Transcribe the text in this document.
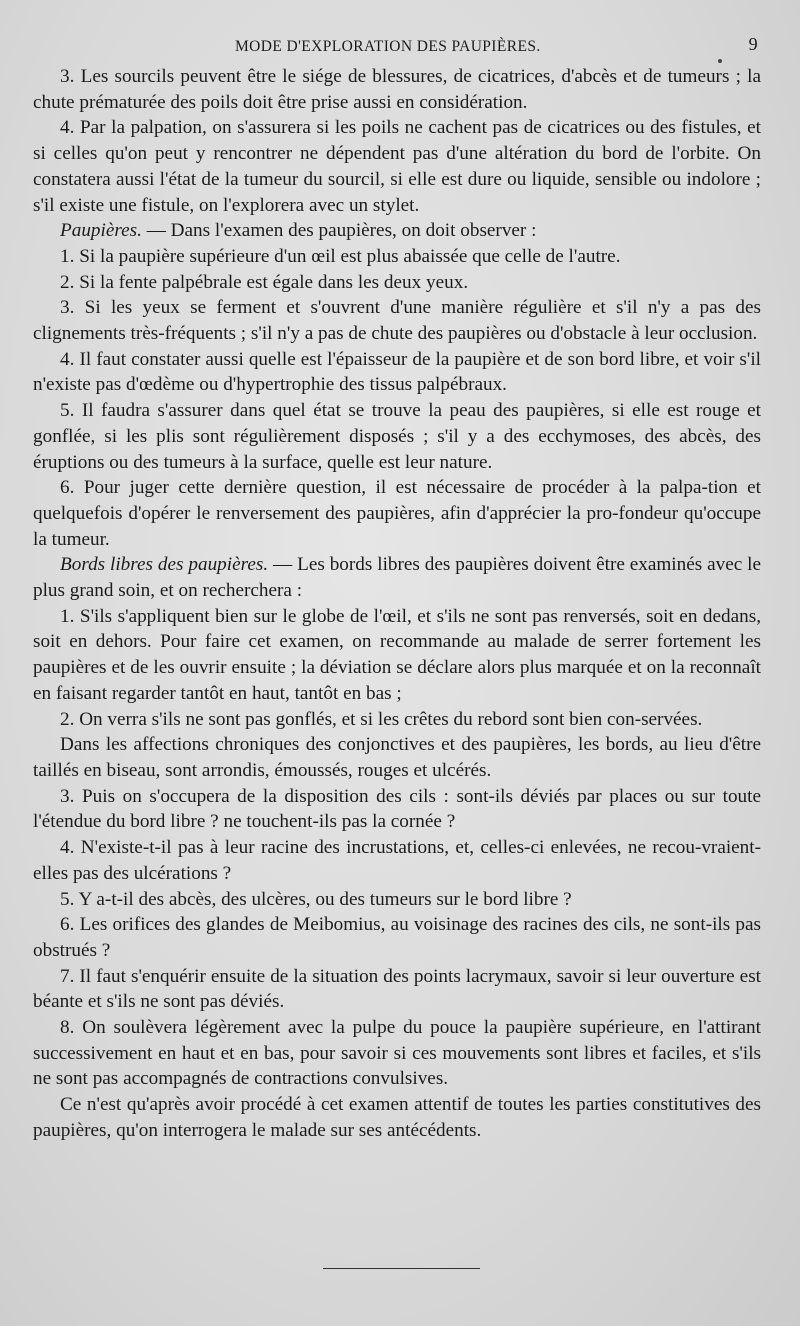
MODE D'EXPLORATION DES PAUPIÈRES.	9

3. Les sourcils peuvent être le siége de blessures, de cicatrices, d'abcès et de tumeurs ; la chute prématurée des poils doit être prise aussi en considération.

4. Par la palpation, on s'assurera si les poils ne cachent pas de cicatrices ou des fistules, et si celles qu'on peut y rencontrer ne dépendent pas d'une altération du bord de l'orbite. On constatera aussi l'état de la tumeur du sourcil, si elle est dure ou liquide, sensible ou indolore ; s'il existe une fistule, on l'explorera avec un stylet.

Paupières. — Dans l'examen des paupières, on doit observer :

1. Si la paupière supérieure d'un œil est plus abaissée que celle de l'autre.

2. Si la fente palpébrale est égale dans les deux yeux.

3. Si les yeux se ferment et s'ouvrent d'une manière régulière et s'il n'y a pas des clignements très-fréquents ; s'il n'y a pas de chute des paupières ou d'obstacle à leur occlusion.

4. Il faut constater aussi quelle est l'épaisseur de la paupière et de son bord libre, et voir s'il n'existe pas d'œdème ou d'hypertrophie des tissus palpébraux.

5. Il faudra s'assurer dans quel état se trouve la peau des paupières, si elle est rouge et gonflée, si les plis sont régulièrement disposés ; s'il y a des ecchymoses, des abcès, des éruptions ou des tumeurs à la surface, quelle est leur nature.

6. Pour juger cette dernière question, il est nécessaire de procéder à la palpa-tion et quelquefois d'opérer le renversement des paupières, afin d'apprécier la pro-fondeur qu'occupe la tumeur.

Bords libres des paupières. — Les bords libres des paupières doivent être examinés avec le plus grand soin, et on recherchera :

1. S'ils s'appliquent bien sur le globe de l'œil, et s'ils ne sont pas renversés, soit en dedans, soit en dehors. Pour faire cet examen, on recommande au malade de serrer fortement les paupières et de les ouvrir ensuite ; la déviation se déclare alors plus marquée et on la reconnaît en faisant regarder tantôt en haut, tantôt en bas ;

2. On verra s'ils ne sont pas gonflés, et si les crêtes du rebord sont bien con-servées.

Dans les affections chroniques des conjonctives et des paupières, les bords, au lieu d'être taillés en biseau, sont arrondis, émoussés, rouges et ulcérés.

3. Puis on s'occupera de la disposition des cils : sont-ils déviés par places ou sur toute l'étendue du bord libre ? ne touchent-ils pas la cornée ?

4. N'existe-t-il pas à leur racine des incrustations, et, celles-ci enlevées, ne recou-vraient-elles pas des ulcérations ?

5. Y a-t-il des abcès, des ulcères, ou des tumeurs sur le bord libre ?

6. Les orifices des glandes de Meibomius, au voisinage des racines des cils, ne sont-ils pas obstrués ?

7. Il faut s'enquérir ensuite de la situation des points lacrymaux, savoir si leur ouverture est béante et s'ils ne sont pas déviés.

8. On soulèvera légèrement avec la pulpe du pouce la paupière supérieure, en l'attirant successivement en haut et en bas, pour savoir si ces mouvements sont libres et faciles, et s'ils ne sont pas accompagnés de contractions convulsives.

Ce n'est qu'après avoir procédé à cet examen attentif de toutes les parties constitutives des paupières, qu'on interrogera le malade sur ses antécédents.
